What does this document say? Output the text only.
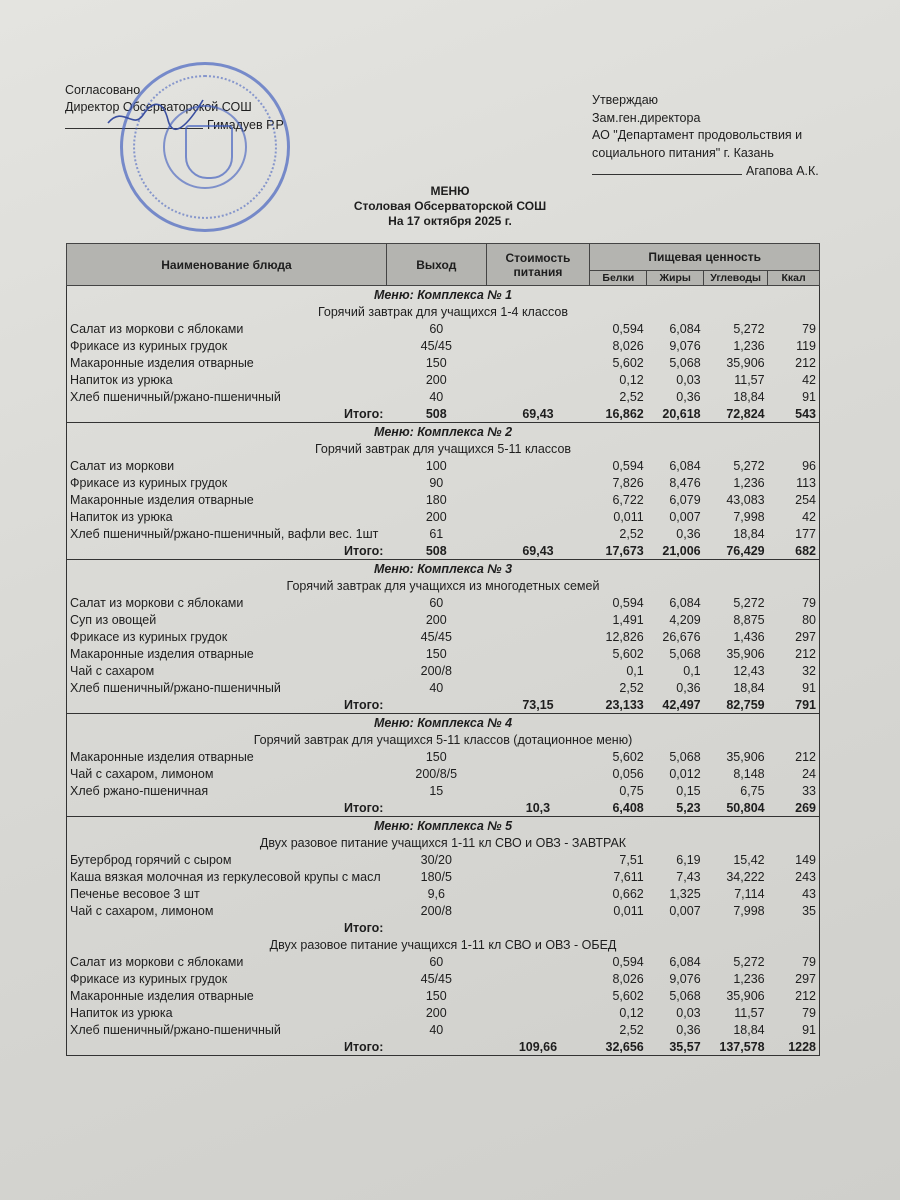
Согласовано
Директор Обсерваторской СОШ
Гимадуев Р.Р
Утверждаю
Зам.ген.директора
АО "Департамент продовольствия и
социального питания" г. Казань
Агапова А.К.
МЕНЮ
Столовая Обсерваторской СОШ
На 17 октября 2025 г.
Наименование блюда	Выход	Стоимость питания	Пищевая ценность			
			Белки	Жиры	Углеводы	Ккал
Меню: Комплекса № 1						
Горячий завтрак для учащихся 1-4 классов						
Салат из моркови с яблоками	60		0,594	6,084	5,272	79
Фрикасе из куриных грудок	45/45		8,026	9,076	1,236	119
Макаронные изделия отварные	150		5,602	5,068	35,906	212
Напиток из урюка	200		0,12	0,03	11,57	42
Хлеб пшеничный/ржано-пшеничный	40		2,52	0,36	18,84	91
Итого:	508	69,43	16,862	20,618	72,824	543
Меню: Комплекса № 2						
Горячий завтрак для учащихся 5-11 классов						
Салат из моркови	100		0,594	6,084	5,272	96
Фрикасе из куриных грудок	90		7,826	8,476	1,236	113
Макаронные изделия отварные	180		6,722	6,079	43,083	254
Напиток из урюка	200		0,011	0,007	7,998	42
Хлеб пшеничный/ржано-пшеничный, вафли вес. 1шт	61		2,52	0,36	18,84	177
Итого:	508	69,43	17,673	21,006	76,429	682
Меню: Комплекса № 3						
Горячий завтрак для учащихся из многодетных семей						
Салат из моркови с яблоками	60		0,594	6,084	5,272	79
Суп из овощей	200		1,491	4,209	8,875	80
Фрикасе из куриных грудок	45/45		12,826	26,676	1,436	297
Макаронные изделия отварные	150		5,602	5,068	35,906	212
Чай с сахаром	200/8		0,1	0,1	12,43	32
Хлеб пшеничный/ржано-пшеничный	40		2,52	0,36	18,84	91
Итого:		73,15	23,133	42,497	82,759	791
Меню: Комплекса № 4						
Горячий завтрак для учащихся 5-11 классов (дотационное меню)						
Макаронные изделия отварные	150		5,602	5,068	35,906	212
Чай с сахаром, лимоном	200/8/5		0,056	0,012	8,148	24
Хлеб ржано-пшеничная	15		0,75	0,15	6,75	33
Итого:		10,3	6,408	5,23	50,804	269
Меню: Комплекса № 5						
Двух разовое питание учащихся 1-11 кл СВО и ОВЗ - ЗАВТРАК						
Бутерброд горячий с сыром	30/20		7,51	6,19	15,42	149
Каша вязкая молочная из геркулесовой крупы с масл	180/5		7,611	7,43	34,222	243
Печенье весовое 3 шт	9,6		0,662	1,325	7,114	43
Чай с сахаром, лимоном	200/8		0,011	0,007	7,998	35
Итого:						
Двух разовое питание учащихся 1-11 кл СВО и ОВЗ - ОБЕД						
Салат из моркови с яблоками	60		0,594	6,084	5,272	79
Фрикасе из куриных грудок	45/45		8,026	9,076	1,236	297
Макаронные изделия отварные	150		5,602	5,068	35,906	212
Напиток из урюка	200		0,12	0,03	11,57	79
Хлеб пшеничный/ржано-пшеничный	40		2,52	0,36	18,84	91
Итого:		109,66	32,656	35,57	137,578	1228
